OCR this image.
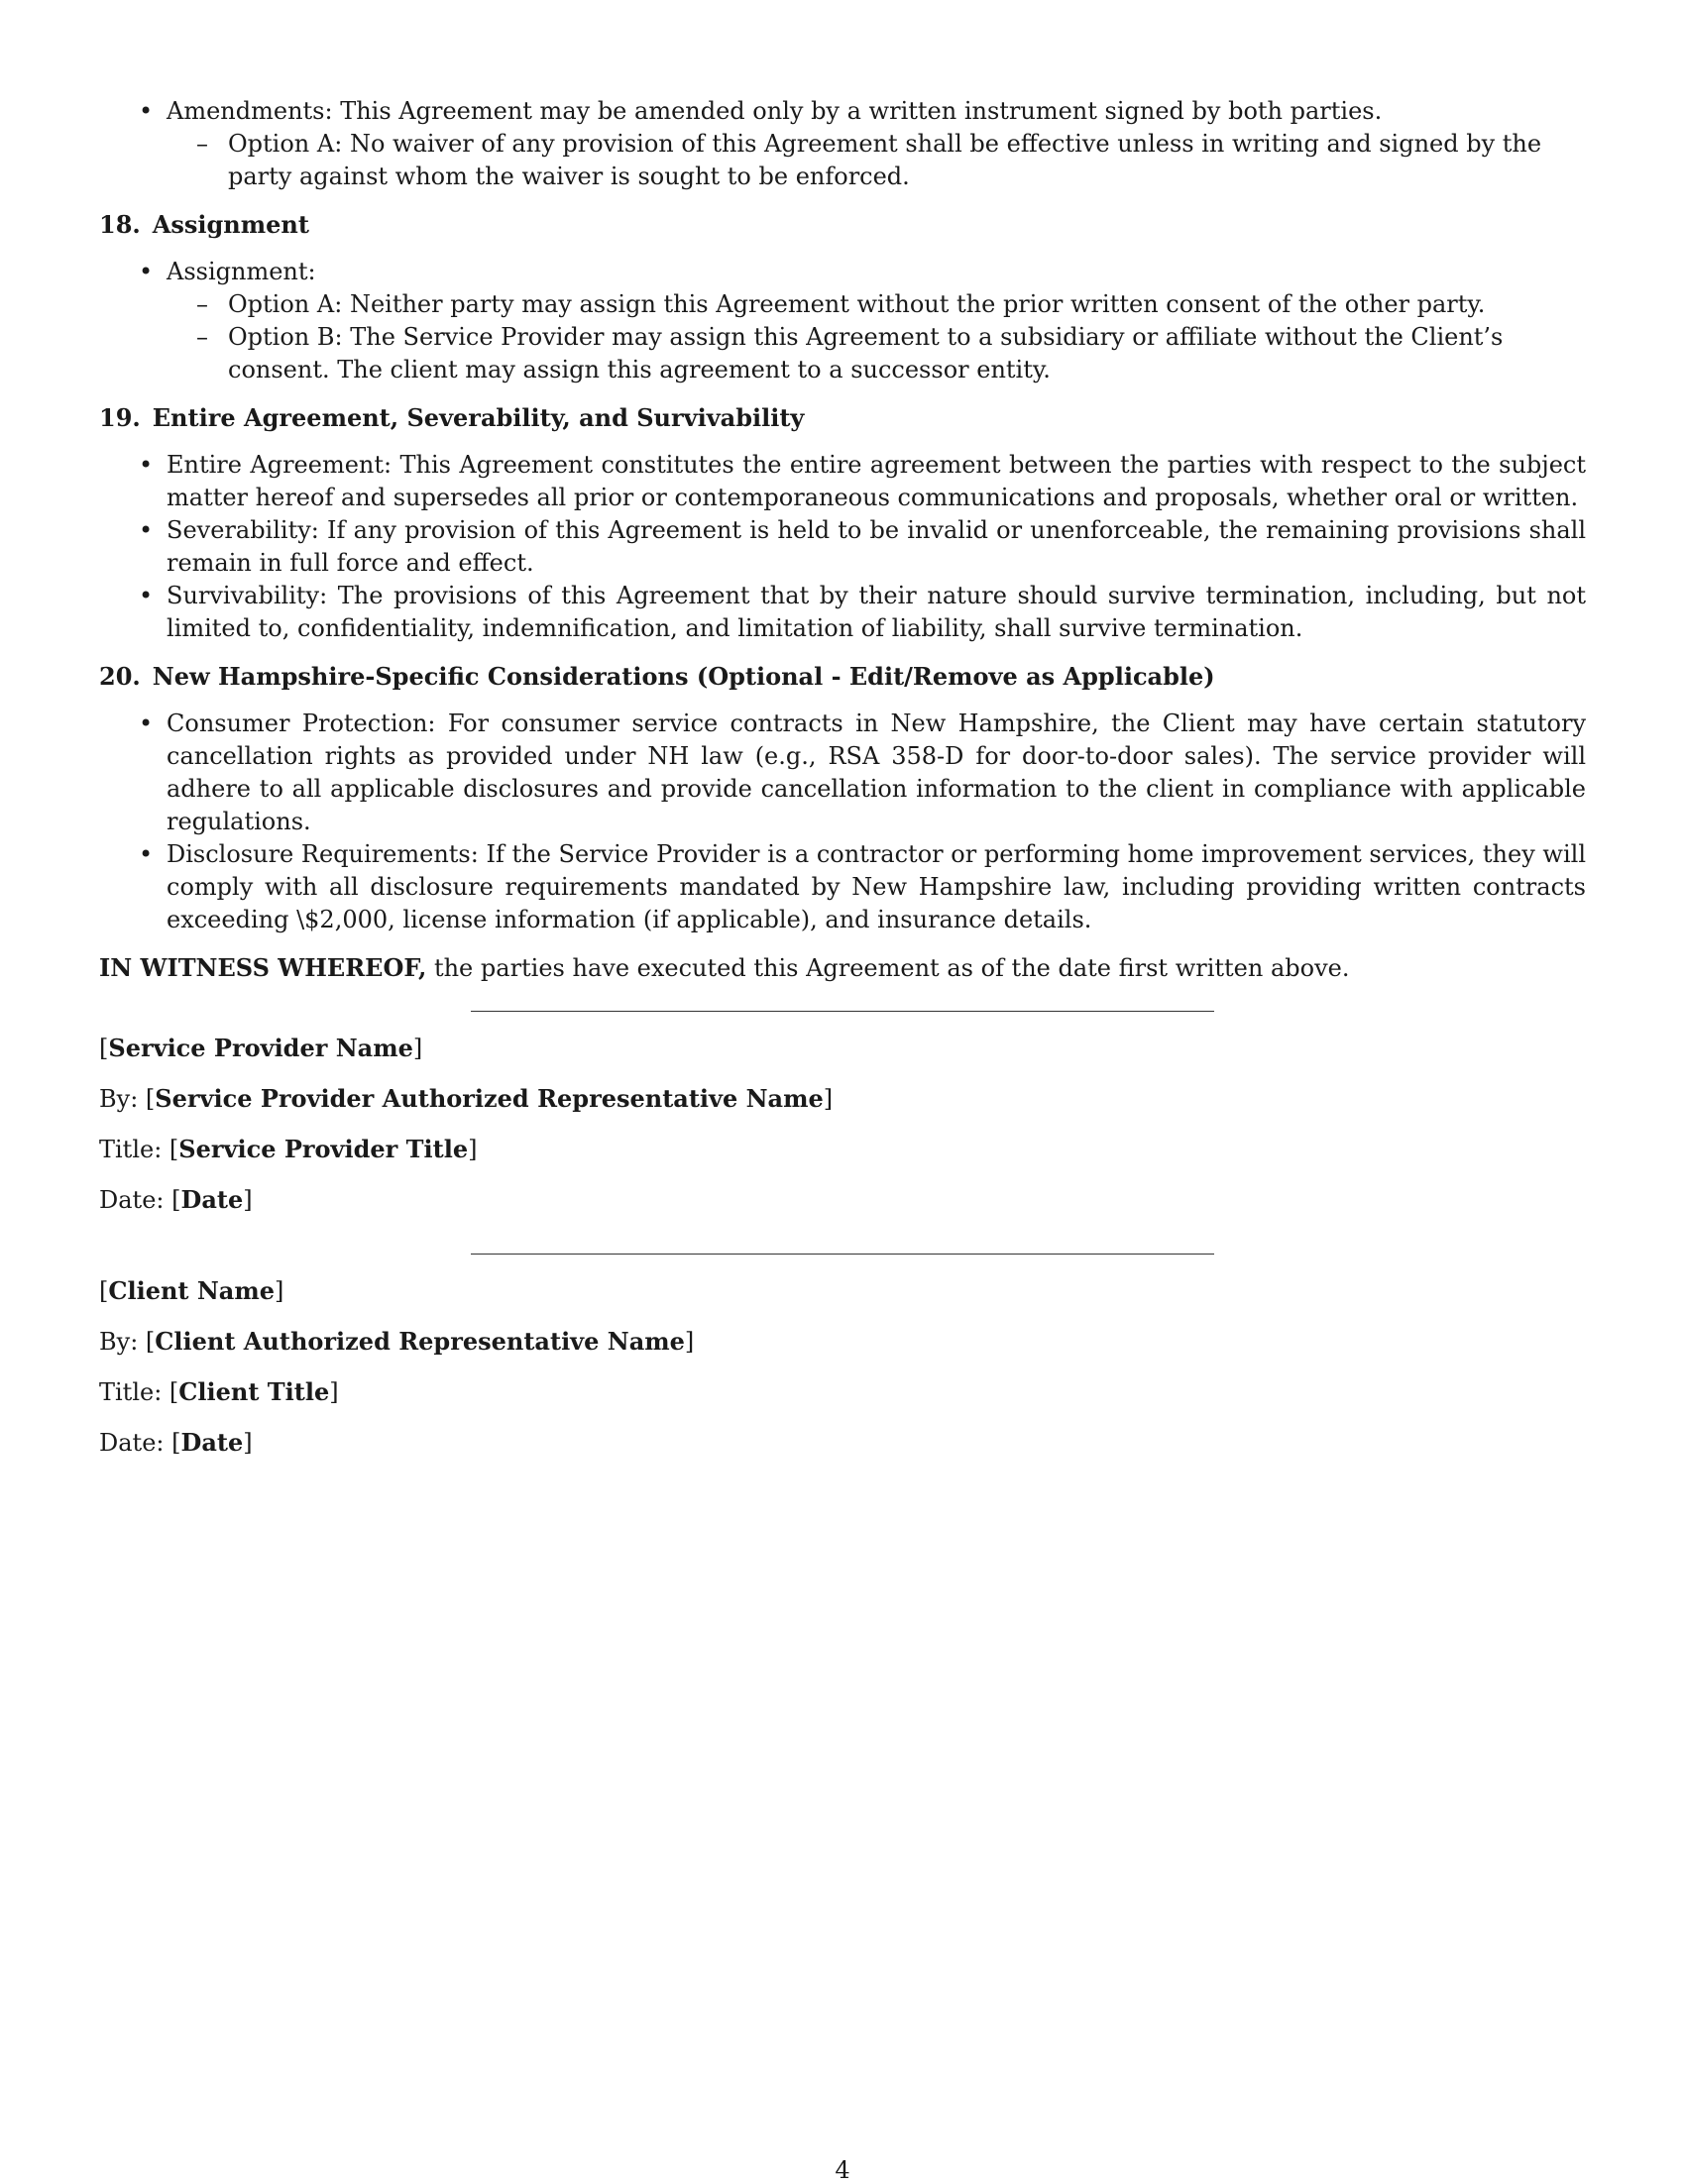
• Amendments: This Agreement may be amended only by a written instrument signed by both parties.
– Option A: No waiver of any provision of this Agreement shall be effective unless in writing and signed by the party against whom the waiver is sought to be enforced.
18. Assignment
• Assignment:
– Option A: Neither party may assign this Agreement without the prior written consent of the other party.
– Option B: The Service Provider may assign this Agreement to a subsidiary or affiliate without the Client’s consent. The client may assign this agreement to a successor entity.
19. Entire Agreement, Severability, and Survivability
• Entire Agreement: This Agreement constitutes the entire agreement between the parties with respect to the subject matter hereof and supersedes all prior or contemporaneous communications and proposals, whether oral or written.
• Severability: If any provision of this Agreement is held to be invalid or unenforceable, the remaining provisions shall remain in full force and effect.
• Survivability: The provisions of this Agreement that by their nature should survive termination, including, but not limited to, confidentiality, indemnification, and limitation of liability, shall survive termination.
20. New Hampshire-Specific Considerations (Optional - Edit/Remove as Applicable)
• Consumer Protection: For consumer service contracts in New Hampshire, the Client may have certain statutory cancellation rights as provided under NH law (e.g., RSA 358-D for door-to-door sales). The service provider will adhere to all applicable disclosures and provide cancellation information to the client in compliance with applicable regulations.
• Disclosure Requirements: If the Service Provider is a contractor or performing home improvement services, they will comply with all disclosure requirements mandated by New Hampshire law, including providing written contracts exceeding \$2,000, license information (if applicable), and insurance details.
IN WITNESS WHEREOF, the parties have executed this Agreement as of the date first written above.

[Service Provider Name]

By: [Service Provider Authorized Representative Name]

Title: [Service Provider Title]

Date: [Date]

[Client Name]

By: [Client Authorized Representative Name]

Title: [Client Title]

Date: [Date]

4
